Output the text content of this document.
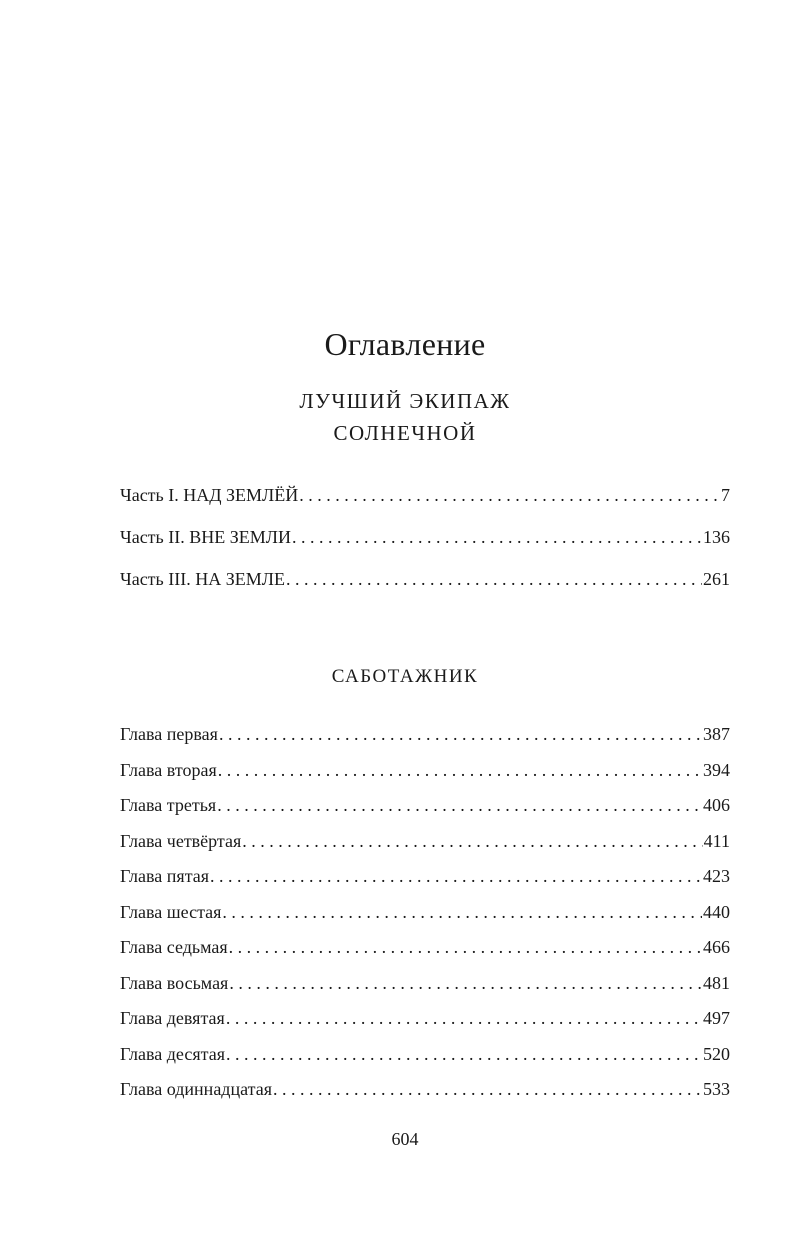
Оглавление
ЛУЧШИЙ ЭКИПАЖ
СОЛНЕЧНОЙ
Часть I. НАД ЗЕМЛЁЙ . . .	7
Часть II. ВНЕ ЗЕМЛИ . . .	136
Часть III. НА ЗЕМЛЕ . . .	261
САБОТАЖНИК
Глава первая . . .	387
Глава вторая . . .	394
Глава третья . . .	406
Глава четвёртая . . .	411
Глава пятая . . .	423
Глава шестая . . .	440
Глава седьмая . . .	466
Глава восьмая . . .	481
Глава девятая . . .	497
Глава десятая . . .	520
Глава одиннадцатая . . .	533
604
